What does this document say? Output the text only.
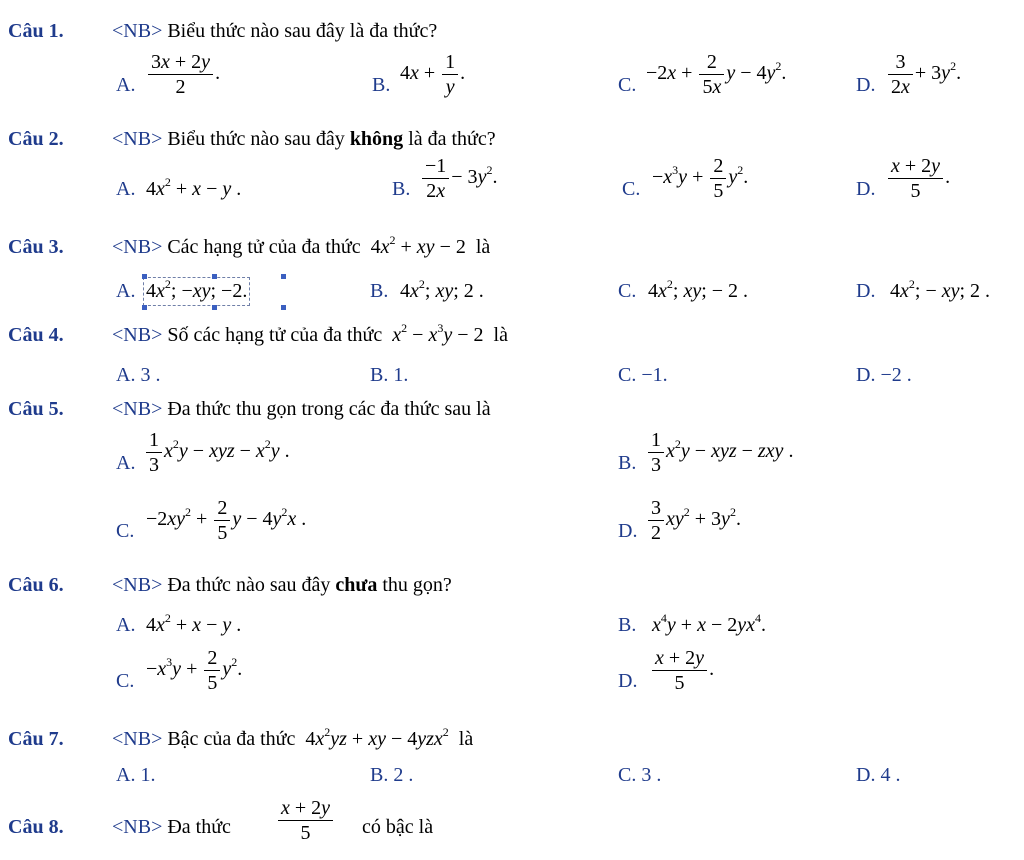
Câu 1. <NB> Biểu thức nào sau đây là đa thức?
A. $\frac{3x + 2y}{2}$ .
B.
$4x + \frac{1}{y}$ .
C.
$-2x + \frac{2}{5x}$ $y - 4y^2$.
D. $\frac{3}{2x} + 3y^2$.
Câu 2. <NB> Biểu thức nào sau đây không là đa thức?
A. $4x^2 + x - y$ .	B. $\frac{-1}{2x} - 3y^2$.
C.
$-x^3y + \frac{2}{5} y^2$.
D. $\frac{x + 2y}{5}$ .
Câu 3. <NB> Các hạng tử của đa thức $4x^2$ + xy − 2 là
A. $4x^2$; −xy; −2.	B. $4x^2$; xy; 2 .	C. $4x^2$; xy; − 2 .	D. $4x^2$; − xy; 2 .
Câu 4. <NB> Số các hạng tử của đa thức $x^2 - x^3y - 2$ là
A. 3 .	B. 1.	C. −1.	D. −2 .
Câu 5. <NB> Đa thức thu gọn trong các đa thức sau là
A. $\frac{1}{3} x^2y$ − xyz − $x^2y$ .
B. $\frac{1}{3} x^2y$ − xyz − zxy .
C.
$-2xy^2 + \frac{2}{5}$ $y - 4y^2x$ .
D. $\frac{3}{2} xy^2 + 3y^2$.
Câu 6. <NB> Đa thức nào sau đây chưa thu gọn?
A. $4x^2 + x - y$ .	B. $x^4y + x - 2yx^4$.
C.
$-x^3y + \frac{2}{5} y^2$.
D. $\frac{x + 2y}{5}$ .
Câu 7. <NB> Bậc của đa thức $4x^2yz$ + xy − 4yzx$^2$ là
A. 1.	B. 2 .	C. 3 .	D. 4 .
Câu 8. <NB> Đa thức $\frac{x + 2y}{5}$ có bậc là
